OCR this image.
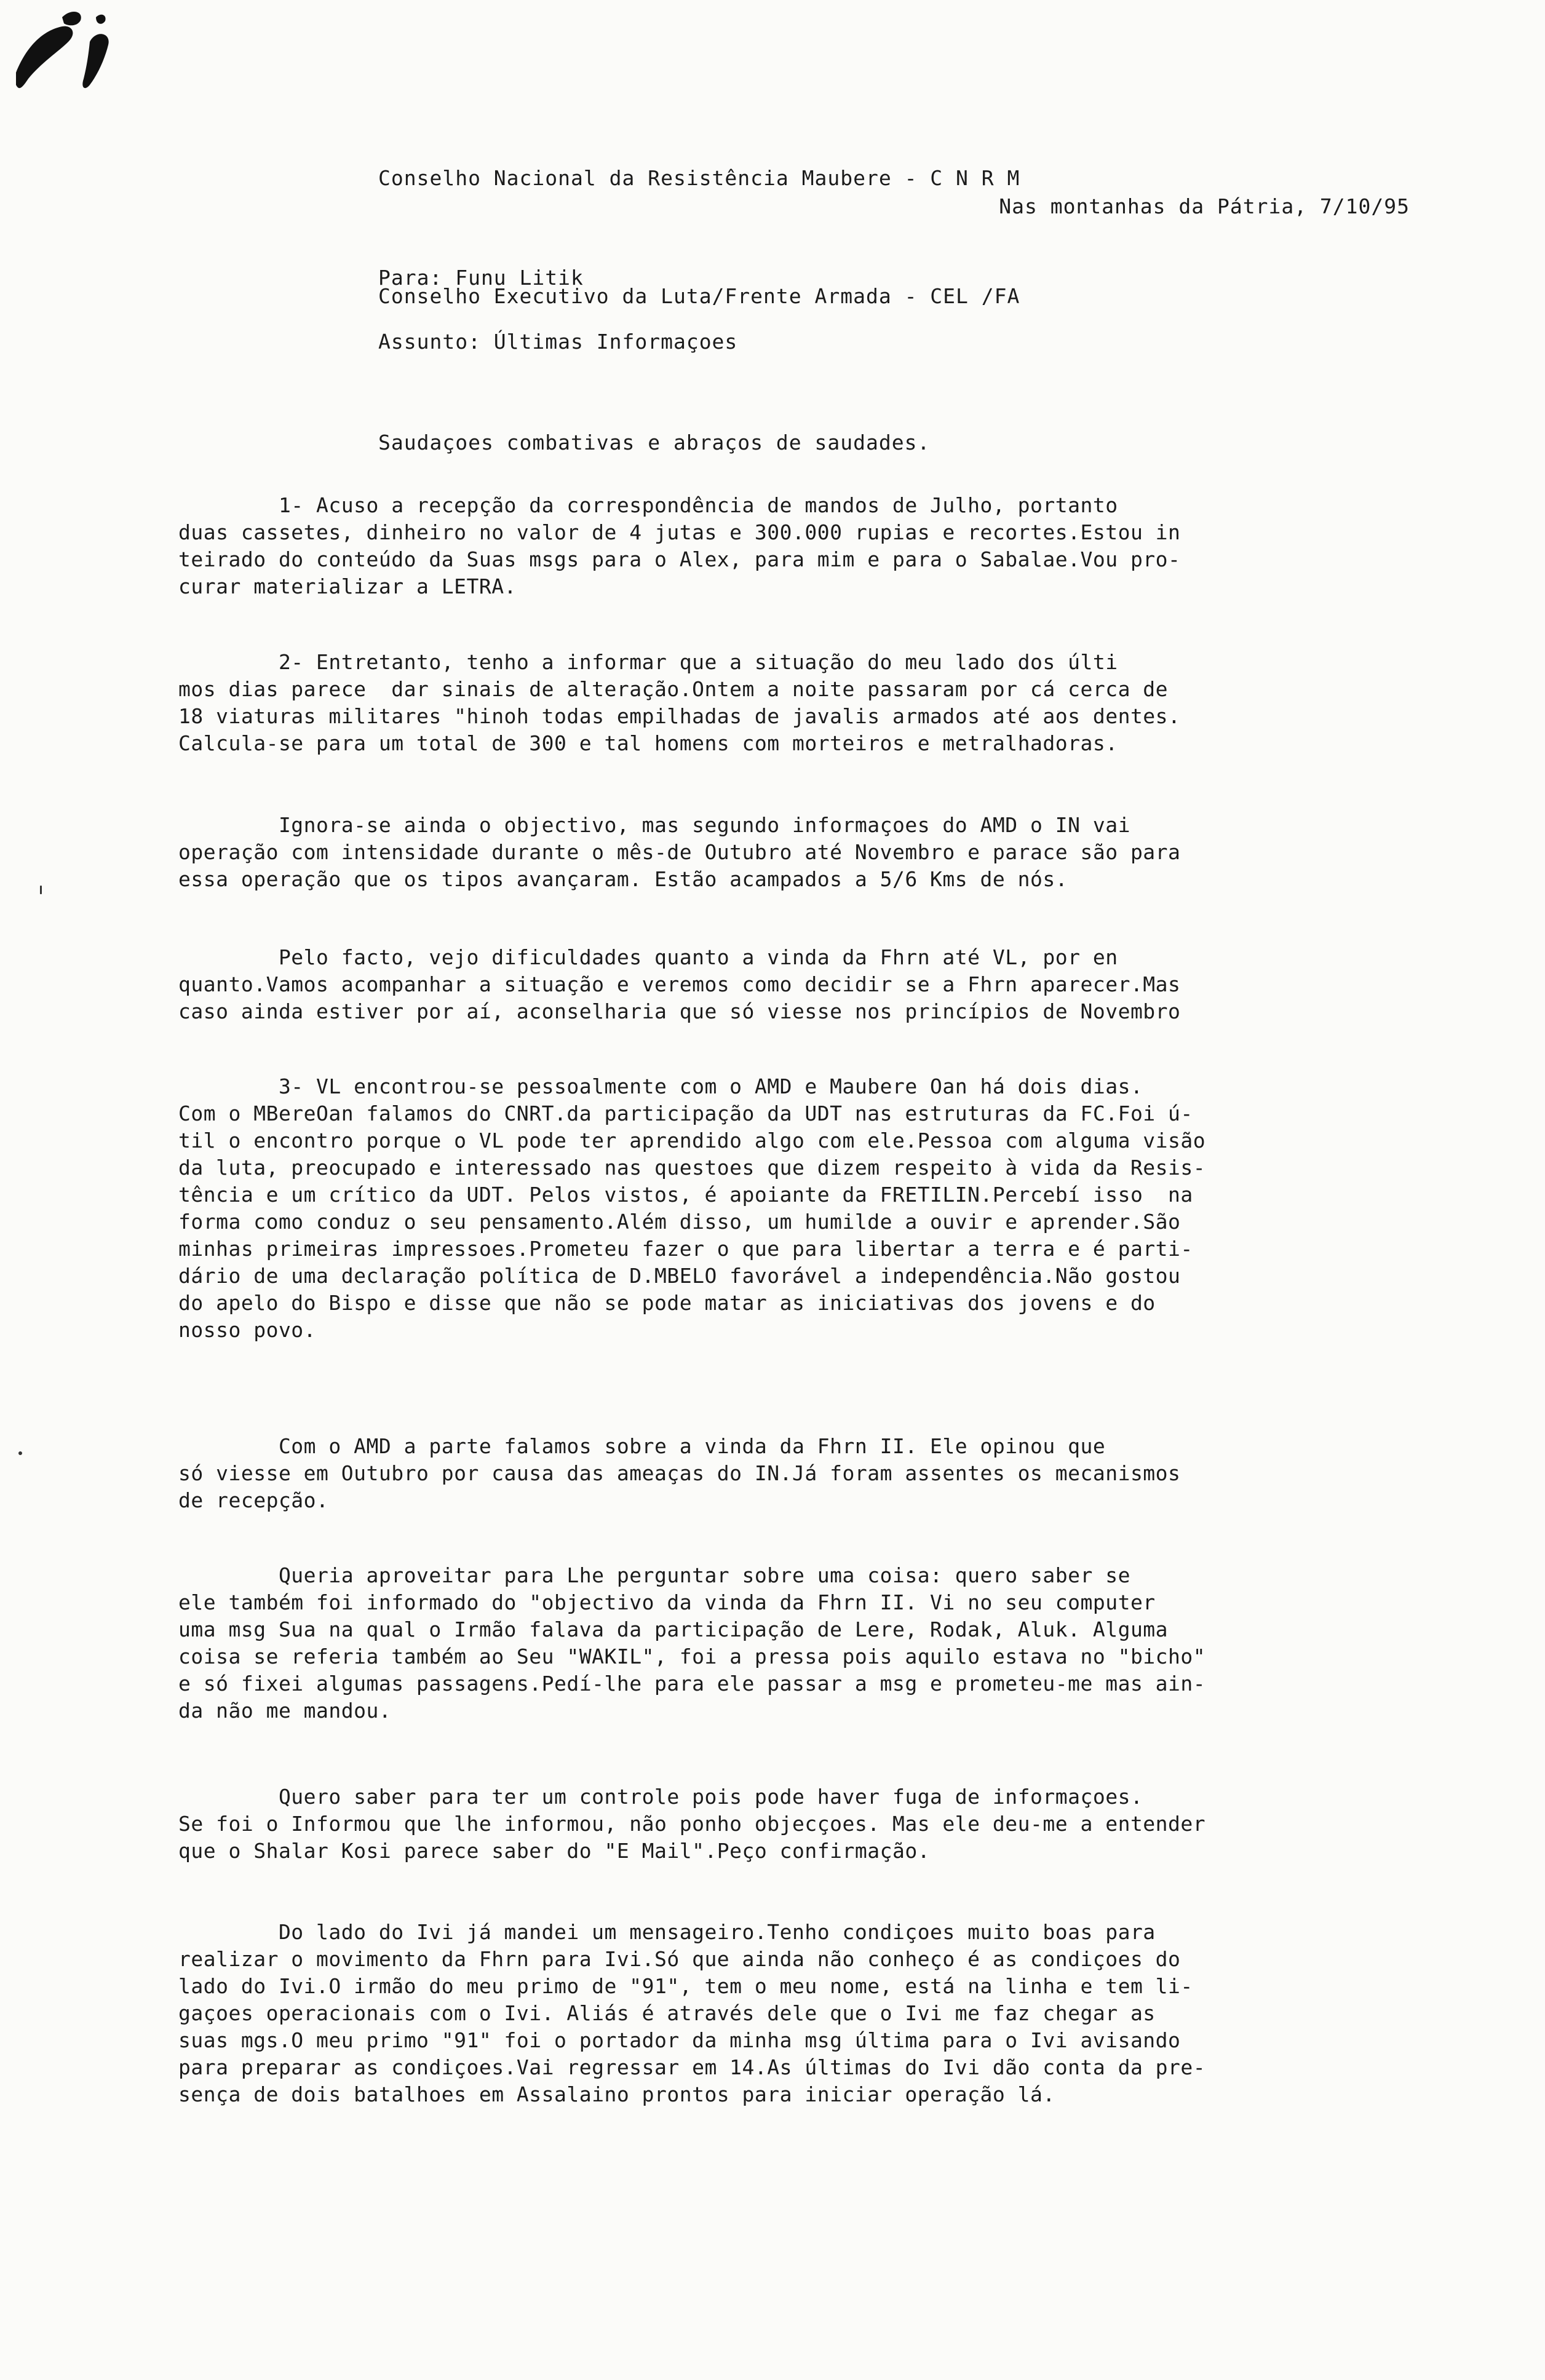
Conselho Nacional da Resistência Maubere - C N R M

Conselho Executivo da Luta/Frente Armada - CEL /FA

Nas montanhas da Pátria, 7/10/95
Para: Funu Litik
Assunto: Últimas Informaçoes
Saudaçoes combativas e abraços de saudades.
1- Acuso a recepção da correspondência de mandos de Julho, portanto
duas cassetes, dinheiro no valor de 4 jutas e 300.000 rupias e recortes.Estou in
teirado do conteúdo da Suas msgs para o Alex, para mim e para o Sabalae.Vou pro-
curar materializar a LETRA.
2- Entretanto, tenho a informar que a situação do meu lado dos últi
mos dias parece  dar sinais de alteração.Ontem a noite passaram por cá cerca de
18 viaturas militares "hinoh todas empilhadas de javalis armados até aos dentes.
Calcula-se para um total de 300 e tal homens com morteiros e metralhadoras.
Ignora-se ainda o objectivo, mas segundo informaçoes do AMD o IN vai
operação com intensidade durante o mês-de Outubro até Novembro e parace são para
essa operação que os tipos avançaram. Estão acampados a 5/6 Kms de nós.
Pelo facto, vejo dificuldades quanto a vinda da Fhrn até VL, por en
quanto.Vamos acompanhar a situação e veremos como decidir se a Fhrn aparecer.Mas
caso ainda estiver por aí, aconselharia que só viesse nos princípios de Novembro
3- VL encontrou-se pessoalmente com o AMD e Maubere Oan há dois dias.
Com o MBereOan falamos do CNRT.da participação da UDT nas estruturas da FC.Foi ú-
til o encontro porque o VL pode ter aprendido algo com ele.Pessoa com alguma visão
da luta, preocupado e interessado nas questoes que dizem respeito à vida da Resis-
tência e um crítico da UDT. Pelos vistos, é apoiante da FRETILIN.Percebí isso  na
forma como conduz o seu pensamento.Além disso, um humilde a ouvir e aprender.São
minhas primeiras impressoes.Prometeu fazer o que para libertar a terra e é parti-
dário de uma declaração política de D.MBELO favorável a independência.Não gostou
do apelo do Bispo e disse que não se pode matar as iniciativas dos jovens e do
nosso povo.
Com o AMD a parte falamos sobre a vinda da Fhrn II. Ele opinou que
só viesse em Outubro por causa das ameaças do IN.Já foram assentes os mecanismos
de recepção.
Queria aproveitar para Lhe perguntar sobre uma coisa: quero saber se
ele também foi informado do "objectivo da vinda da Fhrn II. Vi no seu computer
uma msg Sua na qual o Irmão falava da participação de Lere, Rodak, Aluk. Alguma
coisa se referia também ao Seu "WAKIL", foi a pressa pois aquilo estava no "bicho"
e só fixei algumas passagens.Pedí-lhe para ele passar a msg e prometeu-me mas ain-
da não me mandou.
Quero saber para ter um controle pois pode haver fuga de informaçoes.
Se foi o Informou que lhe informou, não ponho objecçoes. Mas ele deu-me a entender
que o Shalar Kosi parece saber do "E Mail".Peço confirmação.
Do lado do Ivi já mandei um mensageiro.Tenho condiçoes muito boas para
realizar o movimento da Fhrn para Ivi.Só que ainda não conheço é as condiçoes do
lado do Ivi.O irmão do meu primo de "91", tem o meu nome, está na linha e tem li-
gaçoes operacionais com o Ivi. Aliás é através dele que o Ivi me faz chegar as
suas mgs.O meu primo "91" foi o portador da minha msg última para o Ivi avisando
para preparar as condiçoes.Vai regressar em 14.As últimas do Ivi dão conta da pre-
sença de dois batalhoes em Assalaino prontos para iniciar operação lá.
